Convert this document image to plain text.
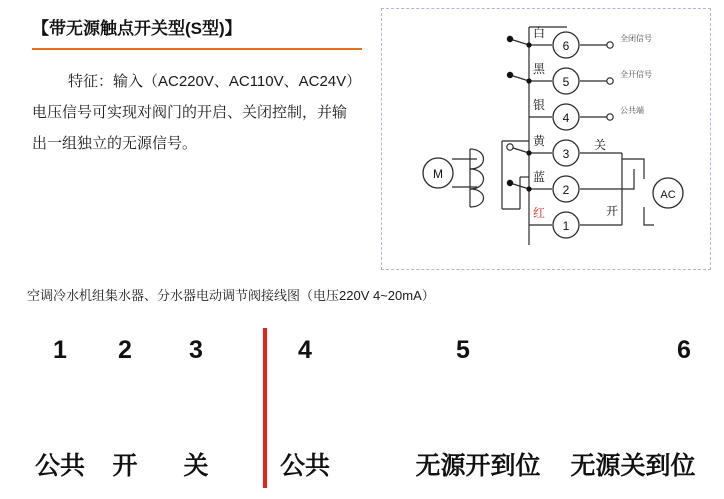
【带无源触点开关型(S型)】
特征：输入（AC220V、AC110V、AC24V）
电压信号可实现对阀门的开启、关闭控制，并输
出一组独立的无源信号。
M
AC
6
白	全闭信号
5
黑	全开信号
4
银	公共端
3
黄	关
2
蓝
开
1
红
空调冷水机组集水器、分水器电动调节阀接线图（电压220V 4~20mA）
1 2 3	4	5	6
公共 开 关	公共	无源开到位 无源关到位
